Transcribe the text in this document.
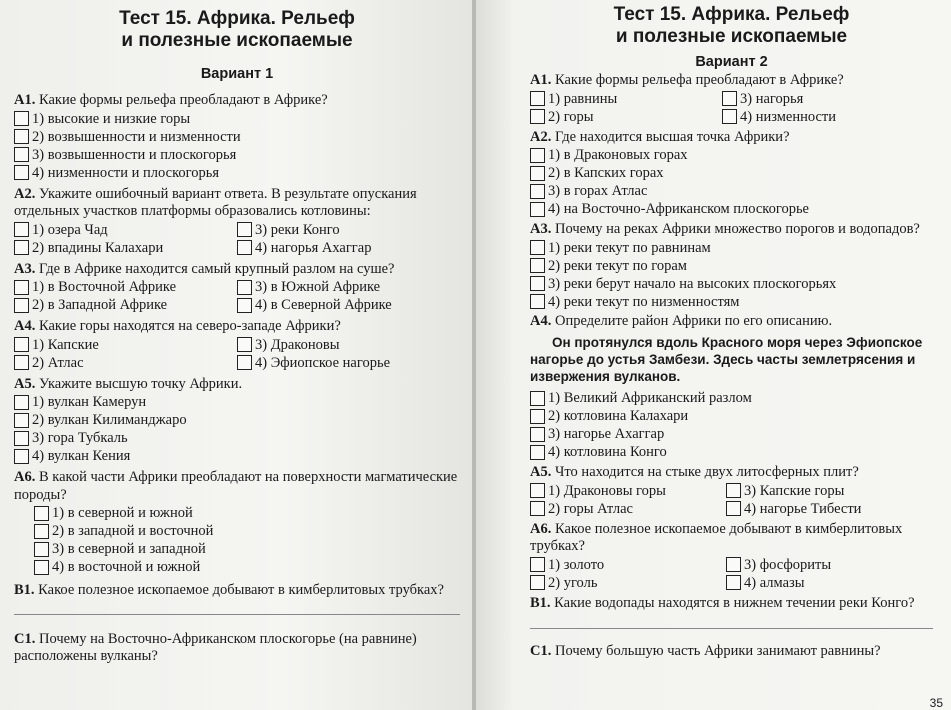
Тест 15. Африка. Рельеф
и полезные ископаемые

Вариант 1

А1. Какие формы рельефа преобладают в Африке?

1) высокие и низкие горы
2) возвышенности и низменности
3) возвышенности и плоскогорья
4) низменности и плоскогорья

А2. Укажите ошибочный вариант ответа. В результате опускания отдельных участков платформы образовались котловины:

1) озера Чад	3) реки Конго
2) впадины Калахари	4) нагорья Ахаггар

А3. Где в Африке находится самый крупный разлом на суше?

1) в Восточной Африке	3) в Южной Африке
2) в Западной Африке	4) в Северной Африке

А4. Какие горы находятся на северо-западе Африки?

1) Капские	3) Драконовы
2) Атлас	4) Эфиопское нагорье

А5. Укажите высшую точку Африки.

1) вулкан Камерун
2) вулкан Килиманджаро
3) гора Тубкаль
4) вулкан Кения

А6. В какой части Африки преобладают на поверхности магматические породы?

1) в северной и южной
2) в западной и восточной
3) в северной и западной
4) в восточной и южной

В1. Какое полезное ископаемое добывают в кимберлитовых трубках?

С1. Почему на Восточно-Африканском плоскогорье (на равнине) расположены вулканы?

Тест 15. Африка. Рельеф
и полезные ископаемые

Вариант 2

А1. Какие формы рельефа преобладают в Африке?

1) равнины	3) нагорья
2) горы	4) низменности

А2. Где находится высшая точка Африки?

1) в Драконовых горах
2) в Капских горах
3) в горах Атлас
4) на Восточно-Африканском плоскогорье

А3. Почему на реках Африки множество порогов и водопадов?

1) реки текут по равнинам
2) реки текут по горам
3) реки берут начало на высоких плоскогорьях
4) реки текут по низменностям

А4. Определите район Африки по его описанию.

Он протянулся вдоль Красного моря через Эфиопское нагорье до устья Замбези. Здесь часты землетрясения и извержения вулканов.

1) Великий Африканский разлом
2) котловина Калахари
3) нагорье Ахаггар
4) котловина Конго

А5. Что находится на стыке двух литосферных плит?

1) Драконовы горы	3) Капские горы
2) горы Атлас	4) нагорье Тибести

А6. Какое полезное ископаемое добывают в кимберлитовых трубках?

1) золото	3) фосфориты
2) уголь	4) алмазы

В1. Какие водопады находятся в нижнем течении реки Конго?

С1. Почему большую часть Африки занимают равнины?

35
